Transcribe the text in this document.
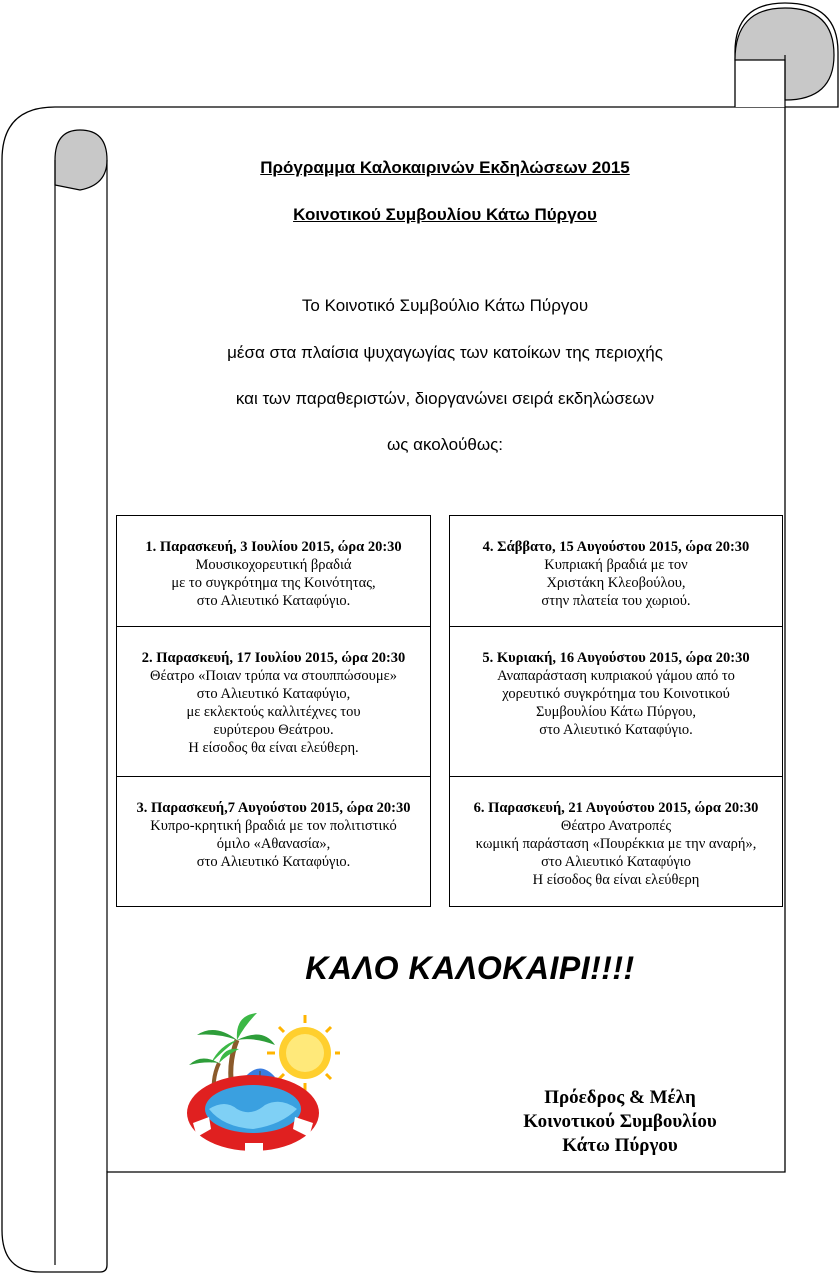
Πρόγραμμα Καλοκαιρινών Εκδηλώσεων 2015
Κοινοτικού Συμβουλίου Κάτω Πύργου
Το Κοινοτικό Συμβούλιο Κάτω Πύργου
μέσα στα πλαίσια ψυχαγωγίας των κατοίκων της περιοχής
και των παραθεριστών, διοργανώνει σειρά εκδηλώσεων
ως ακολούθως:
1. Παρασκευή, 3 Ιουλίου 2015, ώρα 20:30
Μουσικοχορευτική βραδιά
με το συγκρότημα της Κοινότητας,
στο Αλιευτικό Καταφύγιο.
2. Παρασκευή, 17 Ιουλίου 2015, ώρα 20:30
Θέατρο «Ποιαν τρύπα να στουππώσουμε»
στο Αλιευτικό Καταφύγιο,
με εκλεκτούς καλλιτέχνες του
ευρύτερου Θεάτρου.
Η είσοδος θα είναι ελεύθερη.
3. Παρασκευή,7 Αυγούστου 2015, ώρα 20:30
Κυπρο-κρητική βραδιά με τον πολιτιστικό
όμιλο «Αθανασία»,
στο Αλιευτικό Καταφύγιο.
4. Σάββατο, 15 Αυγούστου 2015, ώρα 20:30
Κυπριακή βραδιά με τον
Χριστάκη Κλεοβούλου,
στην πλατεία του χωριού.
5. Κυριακή, 16 Αυγούστου 2015, ώρα 20:30
Αναπαράσταση κυπριακού γάμου από το
χορευτικό συγκρότημα του Κοινοτικού
Συμβουλίου Κάτω Πύργου,
στο Αλιευτικό Καταφύγιο.
6. Παρασκευή, 21 Αυγούστου 2015, ώρα 20:30
Θέατρο Ανατροπές
κωμική παράσταση «Πουρέκκια με την αναρή»,
στο Αλιευτικό Καταφύγιο
Η είσοδος θα είναι ελεύθερη
ΚΑΛΟ ΚΑΛΟΚΑΙΡΙ!!!!
Πρόεδρος & Μέλη
Κοινοτικού Συμβουλίου
Κάτω Πύργου
